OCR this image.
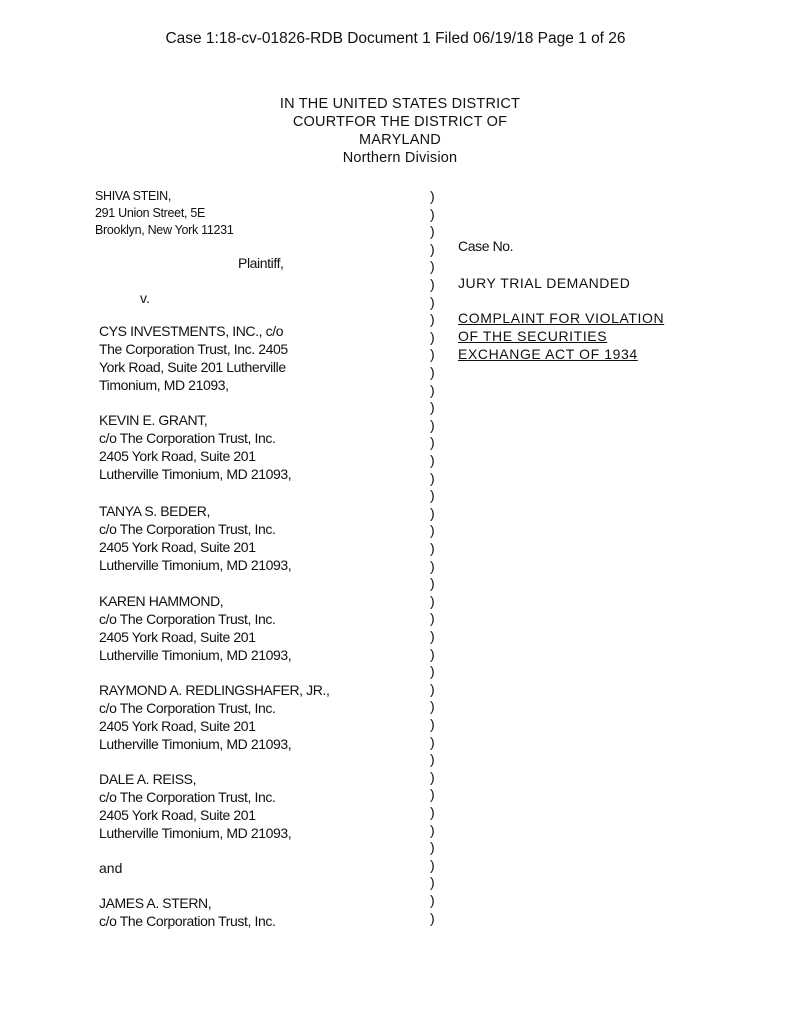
Case 1:18-cv-01826-RDB Document 1 Filed 06/19/18 Page 1 of 26
IN THE UNITED STATES DISTRICT
COURTFOR THE DISTRICT OF
MARYLAND
Northern Division
SHIVA STEIN,
291 Union Street, 5E
Brooklyn, New York 11231
Plaintiff,
v.
CYS INVESTMENTS, INC., c/o
The Corporation Trust, Inc. 2405
York Road, Suite 201 Lutherville
Timonium, MD 21093,
KEVIN E. GRANT,
c/o The Corporation Trust, Inc.
2405 York Road, Suite 201
Lutherville Timonium, MD 21093,
TANYA S. BEDER,
c/o The Corporation Trust, Inc.
2405 York Road, Suite 201
Lutherville Timonium, MD 21093,
KAREN HAMMOND,
c/o The Corporation Trust, Inc.
2405 York Road, Suite 201
Lutherville Timonium, MD 21093,
RAYMOND A. REDLINGSHAFER, JR.,
c/o The Corporation Trust, Inc.
2405 York Road, Suite 201
Lutherville Timonium, MD 21093,
DALE A. REISS,
c/o The Corporation Trust, Inc.
2405 York Road, Suite 201
Lutherville Timonium, MD 21093,
and
JAMES A. STERN,
c/o The Corporation Trust, Inc.
Case No.
JURY TRIAL DEMANDED
COMPLAINT FOR VIOLATION
OF THE SECURITIES
EXCHANGE ACT OF 1934
)
)
)
)
)
)
)
)
)
)
)
)
)
)
)
)
)
)
)
)
)
)
)
)
)
)
)
)
)
)
)
)
)
)
)
)
)
)
)
)
)
)
